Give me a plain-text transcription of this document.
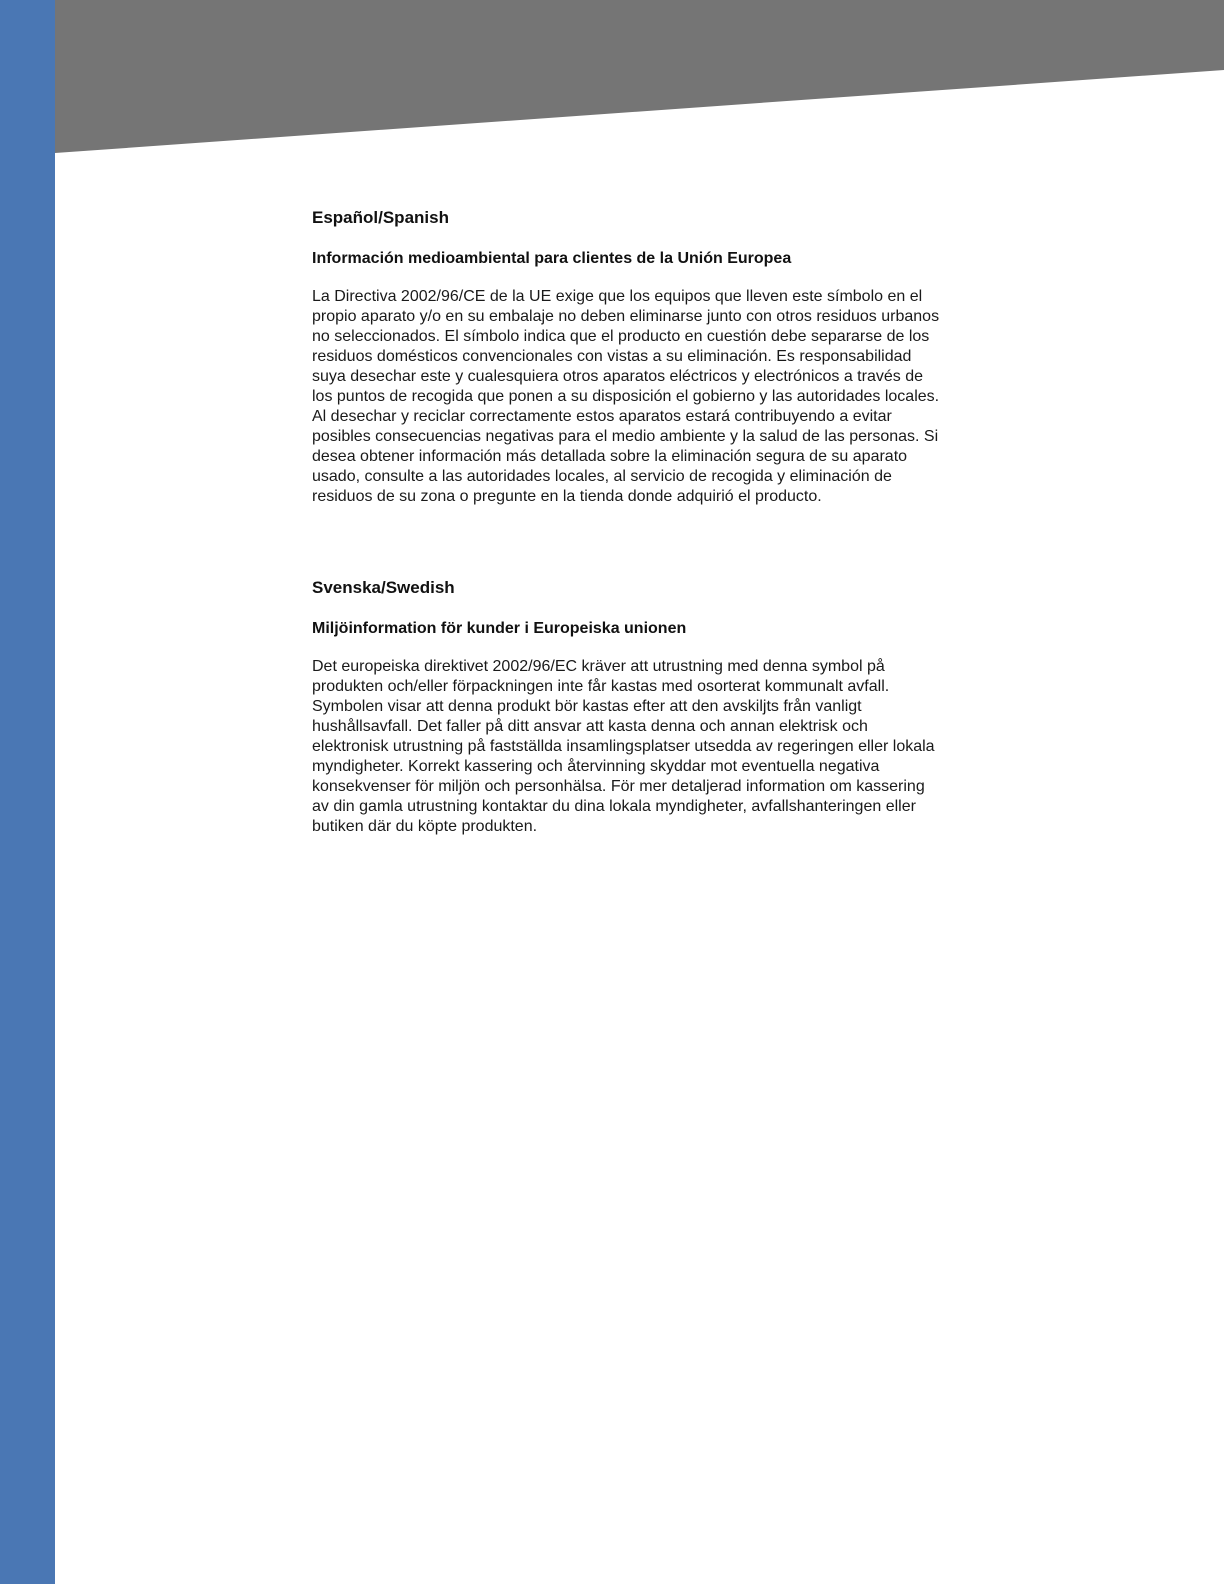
Español/Spanish
Información medioambiental para clientes de la Unión Europea

La Directiva 2002/96/CE de la UE exige que los equipos que lleven este símbolo en el propio aparato y/o en su embalaje no deben eliminarse junto con otros residuos urbanos no seleccionados. El símbolo indica que el producto en cuestión debe separarse de los residuos domésticos convencionales con vistas a su eliminación. Es responsabilidad suya desechar este y cualesquiera otros aparatos eléctricos y electrónicos a través de los puntos de recogida que ponen a su disposición el gobierno y las autoridades locales. Al desechar y reciclar correctamente estos aparatos estará contribuyendo a evitar posibles consecuencias negativas para el medio ambiente y la salud de las personas. Si desea obtener información más detallada sobre la eliminación segura de su aparato usado, consulte a las autoridades locales, al servicio de recogida y eliminación de residuos de su zona o pregunte en la tienda donde adquirió el producto.

Svenska/Swedish
Miljöinformation för kunder i Europeiska unionen

Det europeiska direktivet 2002/96/EC kräver att utrustning med denna symbol på produkten och/eller förpackningen inte får kastas med osorterat kommunalt avfall. Symbolen visar att denna produkt bör kastas efter att den avskiljts från vanligt hushållsavfall. Det faller på ditt ansvar att kasta denna och annan elektrisk och elektronisk utrustning på fastställda insamlingsplatser utsedda av regeringen eller lokala myndigheter. Korrekt kassering och återvinning skyddar mot eventuella negativa konsekvenser för miljön och personhälsa. För mer detaljerad information om kassering av din gamla utrustning kontaktar du dina lokala myndigheter, avfallshanteringen eller butiken där du köpte produkten.
